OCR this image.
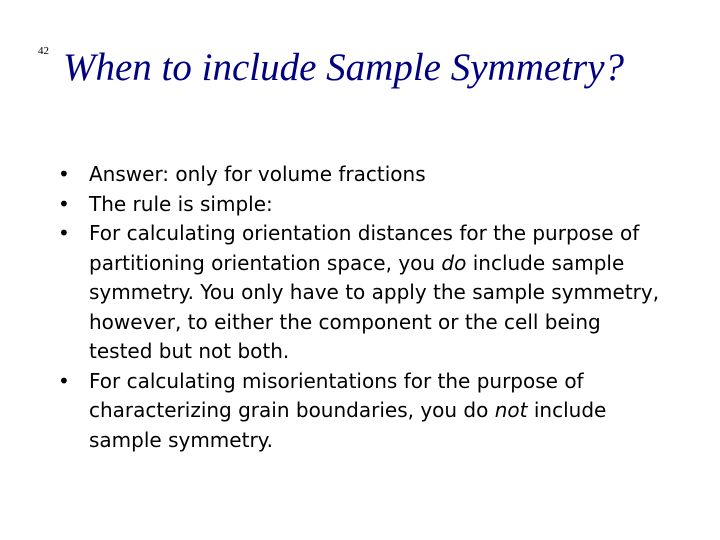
42 When to include Sample Symmetry?
• Answer: only for volume fractions
• The rule is simple:
• For calculating orientation distances for the purpose of partitioning orientation space, you do include sample symmetry. You only have to apply the sample symmetry, however, to either the component or the cell being tested but not both.
• For calculating misorientations for the purpose of characterizing grain boundaries, you do not include sample symmetry.
